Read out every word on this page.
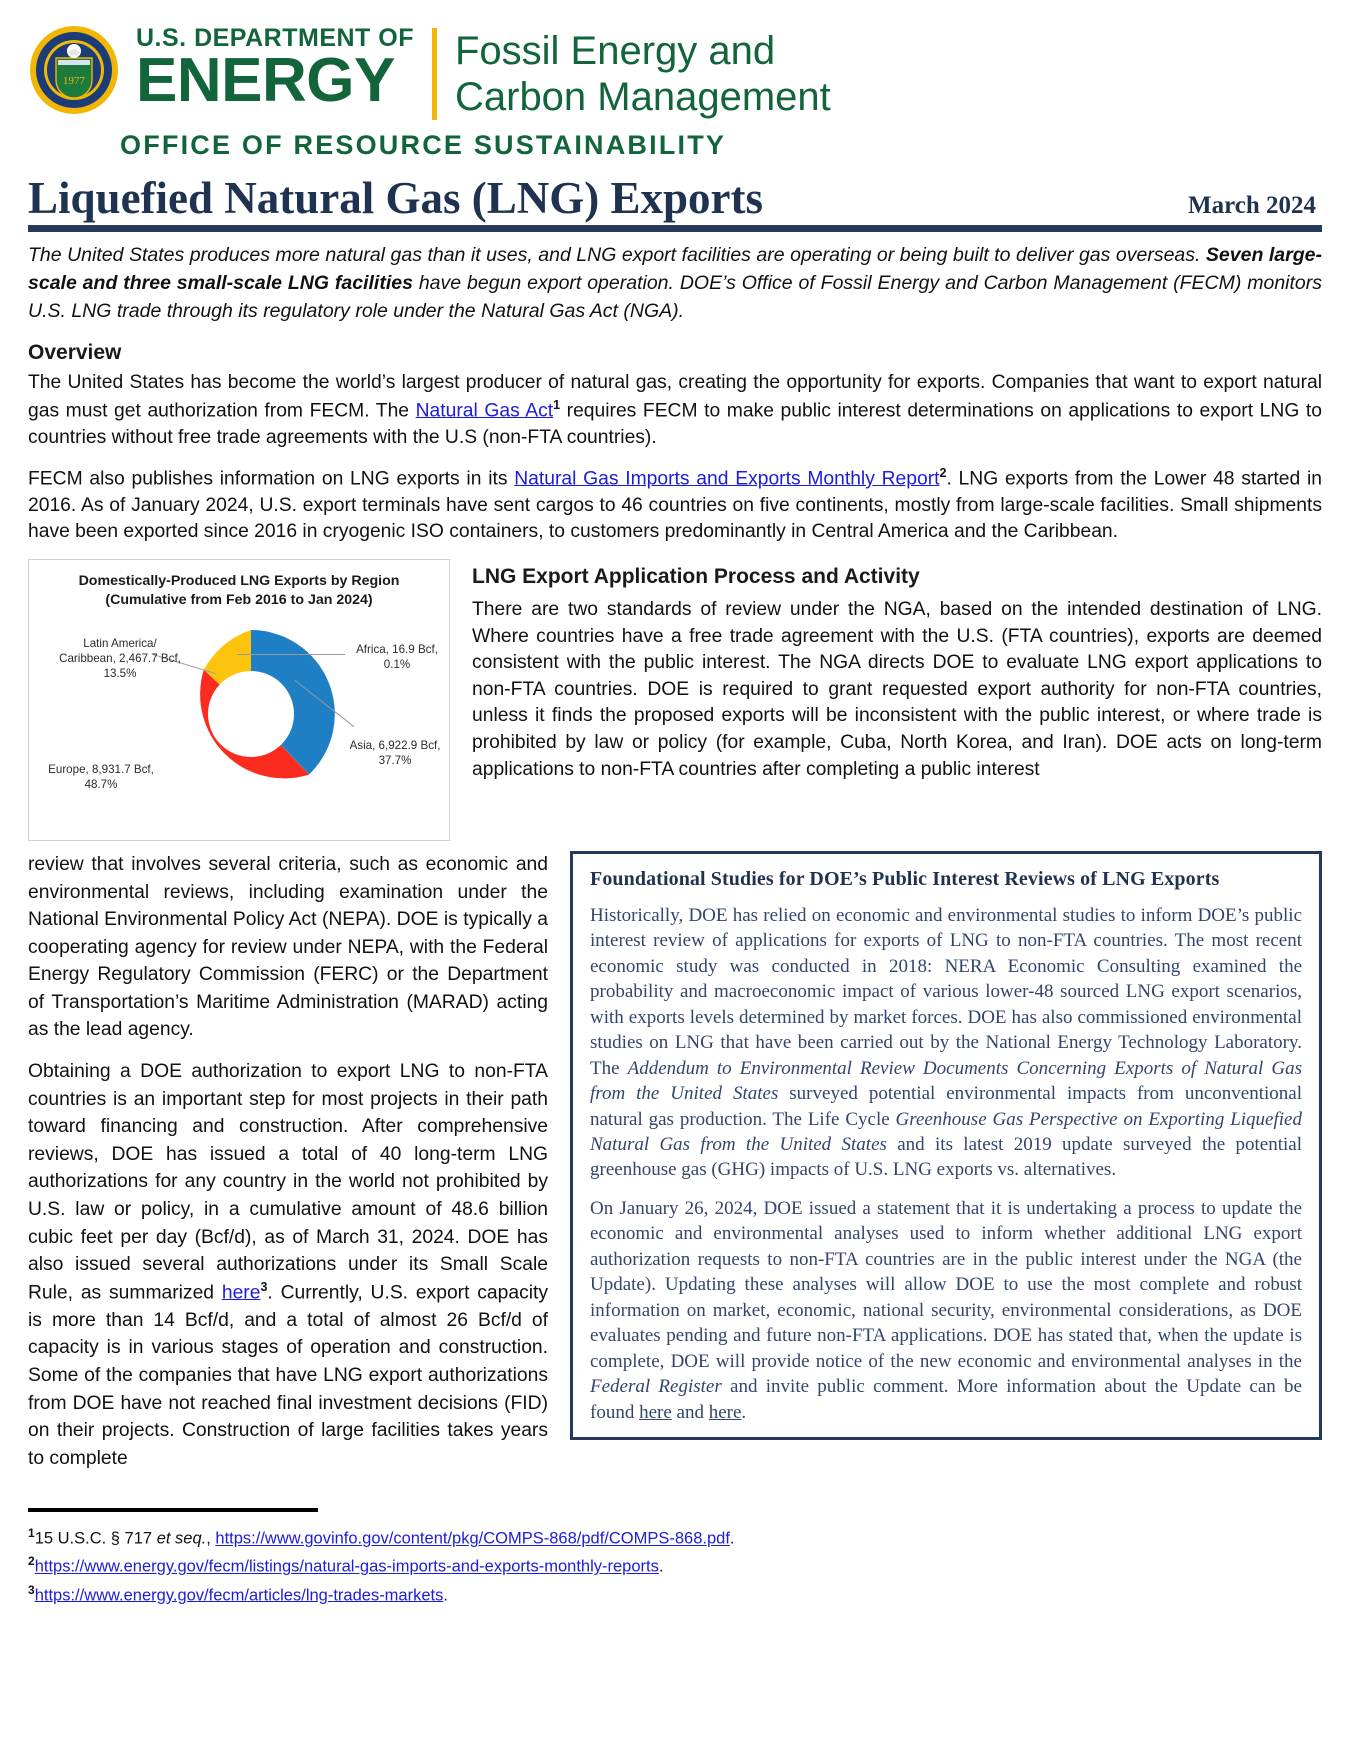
1977
U.S. DEPARTMENT OF
ENERGY	Fossil Energy and
Carbon Management
OFFICE OF RESOURCE SUSTAINABILITY
Liquefied Natural Gas (LNG) Exports	March 2024
The United States produces more natural gas than it uses, and LNG export facilities are operating or being built to deliver gas overseas. Seven large-scale and three small-scale LNG facilities have begun export operation. DOE’s Office of Fossil Energy and Carbon Management (FECM) monitors U.S. LNG trade through its regulatory role under the Natural Gas Act (NGA).
Overview

The United States has become the world’s largest producer of natural gas, creating the opportunity for exports. Companies that want to export natural gas must get authorization from FECM. The Natural Gas Act$^1$ requires FECM to make public interest determinations on applications to export LNG to countries without free trade agreements with the U.S (non-FTA countries).

FECM also publishes information on LNG exports in its Natural Gas Imports and Exports Monthly Report$^2$. LNG exports from the Lower 48 started in 2016. As of January 2024, U.S. export terminals have sent cargos to 46 countries on five continents, mostly from large-scale facilities. Small shipments have been exported since 2016 in cryogenic ISO containers, to customers predominantly in Central America and the Caribbean.

Domestically-Produced LNG Exports by Region
(Cumulative from Feb 2016 to Jan 2024)
Latin America/
Caribbean, 2,467.7 Bcf,
13.5%
Africa, 16.9 Bcf,
0.1%
Asia, 6,922.9 Bcf,
37.7%
Europe, 8,931.7 Bcf,
48.7%
LNG Export Application Process and Activity

There are two standards of review under the NGA, based on the intended destination of LNG. Where countries have a free trade agreement with the U.S. (FTA countries), exports are deemed consistent with the public interest. The NGA directs DOE to evaluate LNG export applications to non-FTA countries. DOE is required to grant requested export authority for non-FTA countries, unless it finds the proposed exports will be inconsistent with the public interest, or where trade is prohibited by law or policy (for example, Cuba, North Korea, and Iran). DOE acts on long-term applications to non-FTA countries after completing a public interest

review that involves several criteria, such as economic and environmental reviews, including examination under the National Environmental Policy Act (NEPA). DOE is typically a cooperating agency for review under NEPA, with the Federal Energy Regulatory Commission (FERC) or the Department of Transportation’s Maritime Administration (MARAD) acting as the lead agency.

Obtaining a DOE authorization to export LNG to non-FTA countries is an important step for most projects in their path toward financing and construction. After comprehensive reviews, DOE has issued a total of 40 long-term LNG authorizations for any country in the world not prohibited by U.S. law or policy, in a cumulative amount of 48.6 billion cubic feet per day (Bcf/d), as of March 31, 2024. DOE has also issued several authorizations under its Small Scale Rule, as summarized here$^3$. Currently, U.S. export capacity is more than 14 Bcf/d, and a total of almost 26 Bcf/d of capacity is in various stages of operation and construction. Some of the companies that have LNG export authorizations from DOE have not reached final investment decisions (FID) on their projects. Construction of large facilities takes years to complete

Foundational Studies for DOE’s Public Interest Reviews of LNG Exports

Historically, DOE has relied on economic and environmental studies to inform DOE’s public interest review of applications for exports of LNG to non-FTA countries. The most recent economic study was conducted in 2018: NERA Economic Consulting examined the probability and macroeconomic impact of various lower-48 sourced LNG export scenarios, with exports levels determined by market forces. DOE has also commissioned environmental studies on LNG that have been carried out by the National Energy Technology Laboratory. The Addendum to Environmental Review Documents Concerning Exports of Natural Gas from the United States surveyed potential environmental impacts from unconventional natural gas production. The Life Cycle Greenhouse Gas Perspective on Exporting Liquefied Natural Gas from the United States and its latest 2019 update surveyed the potential greenhouse gas (GHG) impacts of U.S. LNG exports vs. alternatives.

On January 26, 2024, DOE issued a statement that it is undertaking a process to update the economic and environmental analyses used to inform whether additional LNG export authorization requests to non-FTA countries are in the public interest under the NGA (the Update). Updating these analyses will allow DOE to use the most complete and robust information on market, economic, national security, environmental considerations, as DOE evaluates pending and future non-FTA applications. DOE has stated that, when the update is complete, DOE will provide notice of the new economic and environmental analyses in the Federal Register and invite public comment. More information about the Update can be found here and here.

$^1$15 U.S.C. § 717 et seq., https://www.govinfo.gov/content/pkg/COMPS-868/pdf/COMPS-868.pdf.
$^2$https://www.energy.gov/fecm/listings/natural-gas-imports-and-exports-monthly-reports.
$^3$https://www.energy.gov/fecm/articles/lng-trades-markets.
